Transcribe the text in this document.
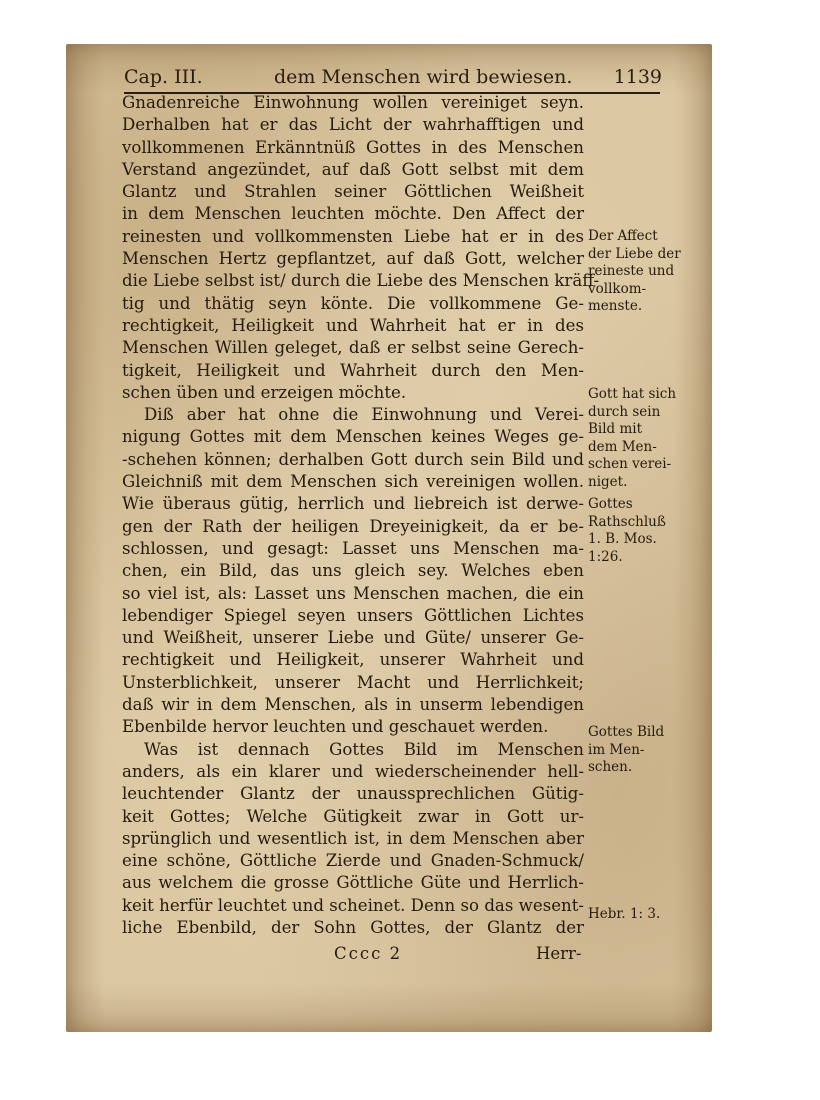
Cap. III.	dem Menschen wird bewiesen. 1139
Gnadenreiche Einwohnung wollen vereiniget seyn.
Derhalben hat er das Licht der wahrhafftigen und
vollkommenen Erkänntnüß Gottes in des Menschen
Verstand angezündet, auf daß Gott selbst mit dem
Glantz und Strahlen seiner Göttlichen Weißheit
in dem Menschen leuchten möchte. Den Affect der
reinesten und vollkommensten Liebe hat er in des
Menschen Hertz gepflantzet, auf daß Gott, welcher
die Liebe selbst ist/ durch die Liebe des Menschen kräff-
tig und thätig seyn könte. Die vollkommene Ge-
rechtigkeit, Heiligkeit und Wahrheit hat er in des
Menschen Willen geleget, daß er selbst seine Gerech-
tigkeit, Heiligkeit und Wahrheit durch den Men-
schen üben und erzeigen möchte.
Diß aber hat ohne die Einwohnung und Verei-
nigung Gottes mit dem Menschen keines Weges ge-
-schehen können; derhalben Gott durch sein Bild und
Gleichniß mit dem Menschen sich vereinigen wollen.
Wie überaus gütig, herrlich und liebreich ist derwe-
gen der Rath der heiligen Dreyeinigkeit, da er be-
schlossen, und gesagt: Lasset uns Menschen ma-
chen, ein Bild, das uns gleich sey. Welches eben
so viel ist, als: Lasset uns Menschen machen, die ein
lebendiger Spiegel seyen unsers Göttlichen Lichtes
und Weißheit, unserer Liebe und Güte/ unserer Ge-
rechtigkeit und Heiligkeit, unserer Wahrheit und
Unsterblichkeit, unserer Macht und Herrlichkeit;
daß wir in dem Menschen, als in unserm lebendigen
Ebenbilde hervor leuchten und geschauet werden.
Was ist dennach Gottes Bild im Menschen
anders, als ein klarer und wiederscheinender hell-
leuchtender Glantz der unaussprechlichen Gütig-
keit Gottes; Welche Gütigkeit zwar in Gott ur-
sprünglich und wesentlich ist, in dem Menschen aber
eine schöne, Göttliche Zierde und Gnaden-Schmuck/
aus welchem die grosse Göttliche Güte und Herrlich-
keit herfür leuchtet und scheinet. Denn so das wesent-
liche Ebenbild, der Sohn Gottes, der Glantz der
Der Affect
der Liebe der
reineste und
vollkom-
menste.
Gott hat sich
durch sein
Bild mit
dem Men-
schen verei-
niget.
Gottes
Rathschluß
1. B. Mos.
1:26.
Gottes Bild
im Men-
schen.
Hebr. 1: 3.
Cccc 2	Herr-
